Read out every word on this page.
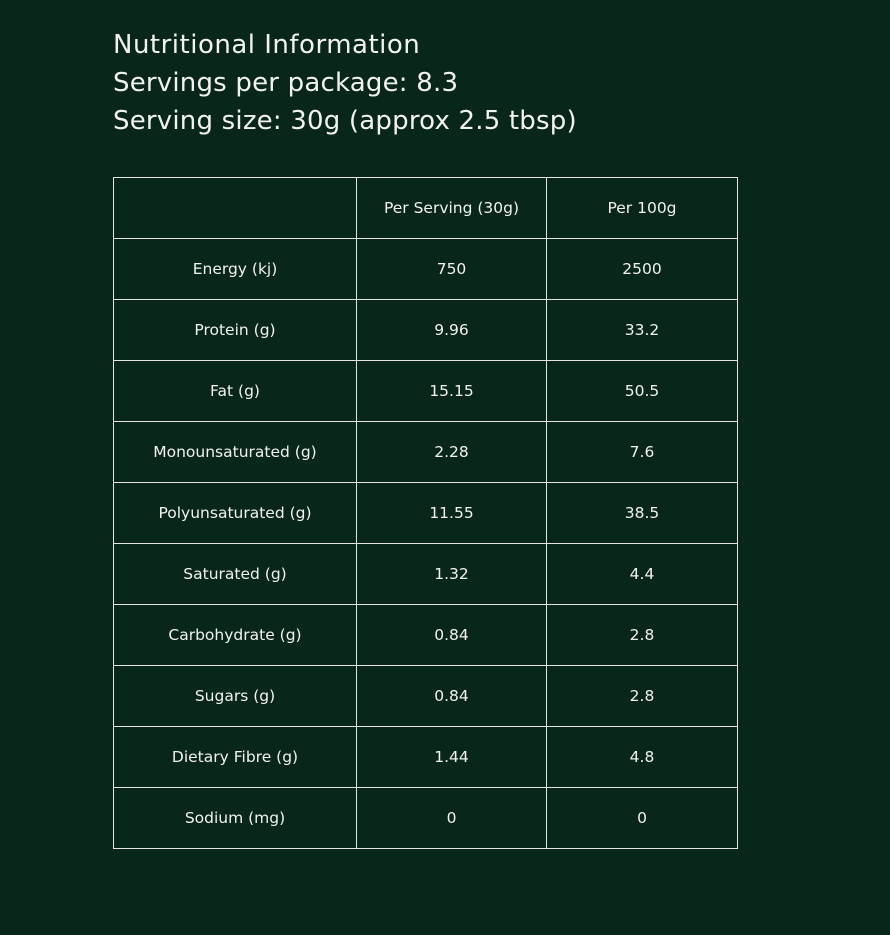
Nutritional Information
Servings per package: 8.3
Serving size: 30g (approx 2.5 tbsp)
	Per Serving (30g)	Per 100g
Energy (kj)	750	2500
Protein (g)	9.96	33.2
Fat (g)	15.15	50.5
Monounsaturated (g)	2.28	7.6
Polyunsaturated (g)	11.55	38.5
Saturated (g)	1.32	4.4
Carbohydrate (g)	0.84	2.8
Sugars (g)	0.84	2.8
Dietary Fibre (g)	1.44	4.8
Sodium (mg)	0	0
